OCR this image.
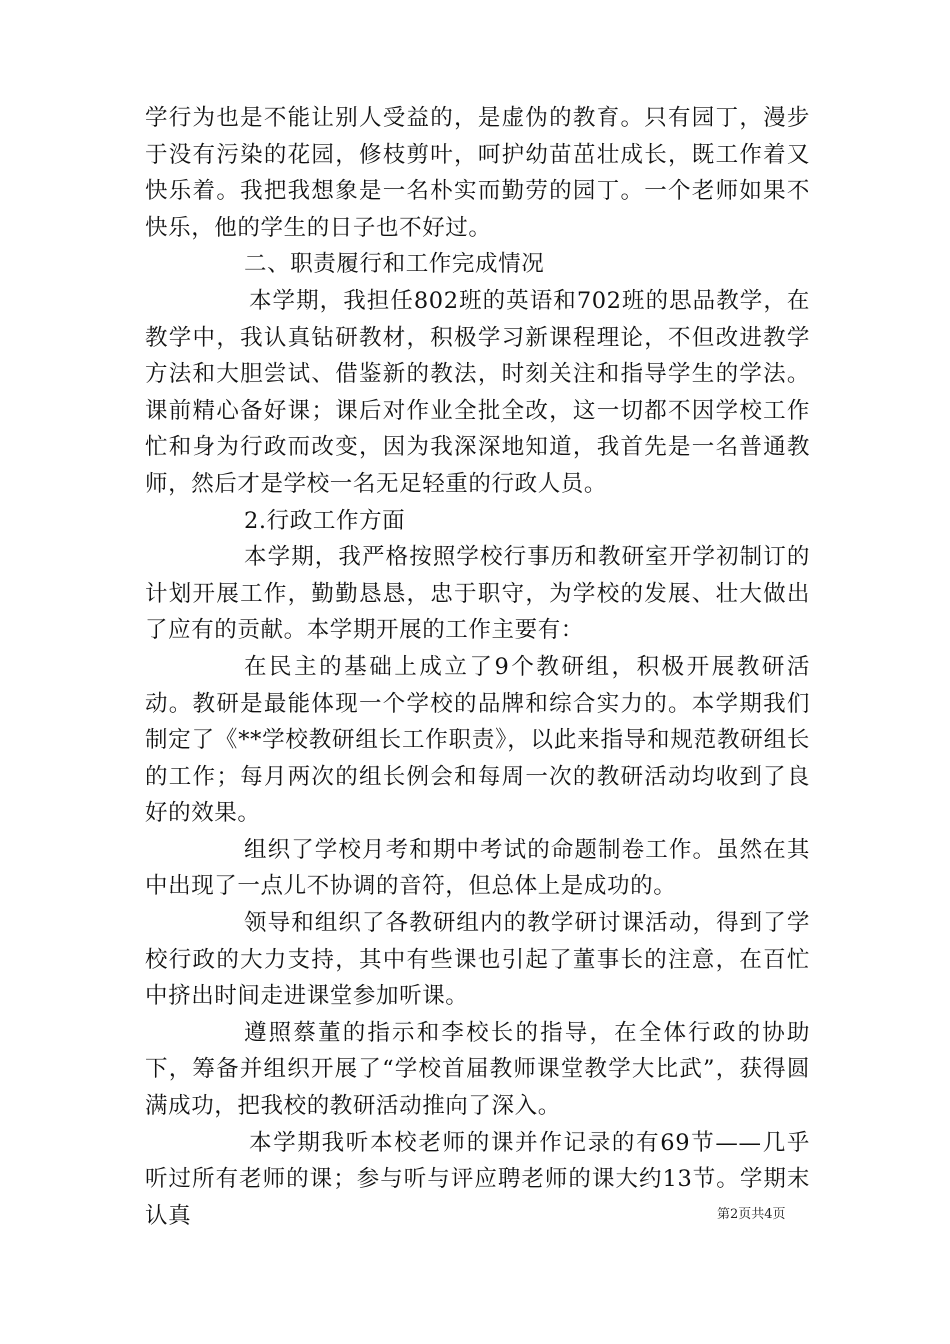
学行为也是不能让别人受益的，是虚伪的教育。只有园丁，漫步于没有污染的花园，修枝剪叶，呵护幼苗茁壮成长，既工作着又快乐着。我把我想象是一名朴实而勤劳的园丁。一个老师如果不快乐，他的学生的日子也不好过。

二、职责履行和工作完成情况

本学期，我担任802班的英语和702班的思品教学，在教学中，我认真钻研教材，积极学习新课程理论，不但改进教学方法和大胆尝试、借鉴新的教法，时刻关注和指导学生的学法。课前精心备好课；课后对作业全批全改，这一切都不因学校工作忙和身为行政而改变，因为我深深地知道，我首先是一名普通教师，然后才是学校一名无足轻重的行政人员。

2.行政工作方面

本学期，我严格按照学校行事历和教研室开学初制订的计划开展工作，勤勤恳恳，忠于职守，为学校的发展、壮大做出了应有的贡献。本学期开展的工作主要有：

在民主的基础上成立了9个教研组，积极开展教研活动。教研是最能体现一个学校的品牌和综合实力的。本学期我们制定了《**学校教研组长工作职责》，以此来指导和规范教研组长的工作；每月两次的组长例会和每周一次的教研活动均收到了良好的效果。

组织了学校月考和期中考试的命题制卷工作。虽然在其中出现了一点儿不协调的音符，但总体上是成功的。

领导和组织了各教研组内的教学研讨课活动，得到了学校行政的大力支持，其中有些课也引起了董事长的注意，在百忙中挤出时间走进课堂参加听课。

遵照蔡董的指示和李校长的指导，在全体行政的协助下，筹备并组织开展了“学校首届教师课堂教学大比武”，获得圆满成功，把我校的教研活动推向了深入。

本学期我听本校老师的课并作记录的有69节——几乎听过所有老师的课；参与听与评应聘老师的课大约13节。学期末认真	第2页共4页
